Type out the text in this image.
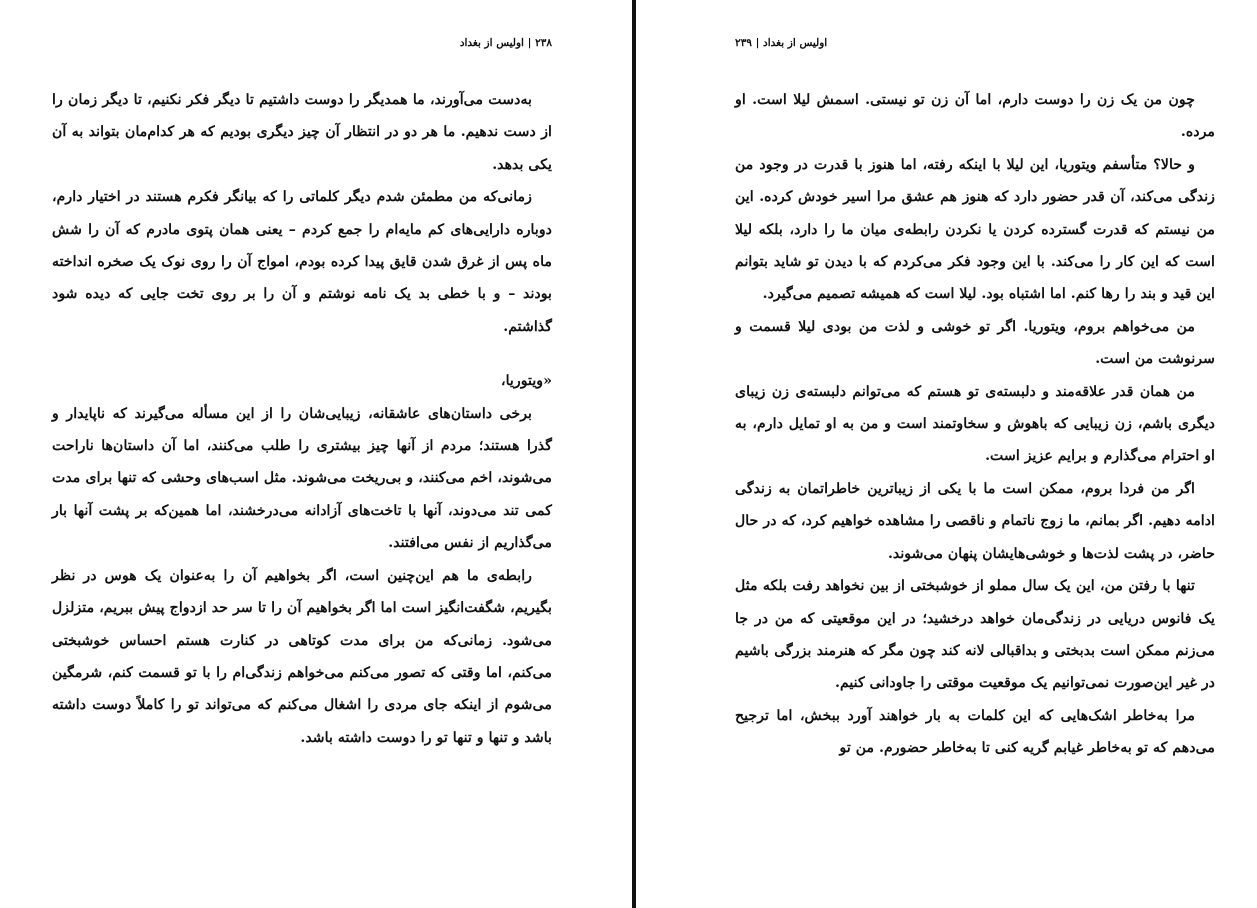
۲۳۸ | اولیس از بغداد

به‌دست می‌آورند، ما همدیگر را دوست داشتیم تا دیگر فکر نکنیم، تا دیگر زمان را از دست ندهیم. ما هر دو در انتظار آن چیز دیگری بودیم که هر کدام‌مان بتواند به آن یکی بدهد.

زمانی‌که من مطمئن شدم دیگر کلماتی را که بیانگر فکرم هستند در اختیار دارم، دوباره دارایی‌های کم مایه‌ام را جمع کردم – یعنی همان پتوی مادرم که آن را شش ماه پس از غرق شدن قایق پیدا کرده بودم، امواج آن را روی نوک یک صخره انداخته بودند – و با خطی بد یک نامه نوشتم و آن را بر روی تخت جایی که دیده شود گذاشتم.

«ویتوریا،

برخی داستان‌های عاشقانه، زیبایی‌شان را از این مسأله می‌گیرند که ناپایدار و گذرا هستند؛ مردم از آنها چیز بیشتری را طلب می‌کنند، اما آن داستان‌ها ناراحت می‌شوند، اخم می‌کنند، و بی‌ریخت می‌شوند. مثل اسب‌های وحشی که تنها برای مدت کمی تند می‌دوند، آنها با تاخت‌های آزادانه می‌درخشند، اما همین‌که بر پشت آنها بار می‌گذاریم از نفس می‌افتند.

رابطه‌ی ما هم این‌چنین است، اگر بخواهیم آن را به‌عنوان یک هوس در نظر بگیریم، شگفت‌انگیز است اما اگر بخواهیم آن را تا سر حد ازدواج پیش ببریم، متزلزل می‌شود. زمانی‌که من برای مدت کوتاهی در کنارت هستم احساس خوشبختی می‌کنم، اما وقتی که تصور می‌کنم می‌خواهم زندگی‌ام را با تو قسمت کنم، شرمگین می‌شوم از اینکه جای مردی را اشغال می‌کنم که می‌تواند تو را کاملاً دوست داشته باشد و تنها و تنها تو را دوست داشته باشد.

اولیس از بغداد | ۲۳۹

چون من یک زن را دوست دارم، اما آن زن تو نیستی. اسمش لیلا است. او مرده.

و حالا؟ متأسفم ویتوریا، این لیلا با اینکه رفته، اما هنوز با قدرت در وجود من زندگی می‌کند، آن قدر حضور دارد که هنوز هم عشق مرا اسیر خودش کرده. این من نیستم که قدرت گسترده کردن یا نکردن رابطه‌ی میان ما را دارد، بلکه لیلا است که این کار را می‌کند. با این وجود فکر می‌کردم که با دیدن تو شاید بتوانم این قید و بند را رها کنم. اما اشتباه بود. لیلا است که همیشه تصمیم می‌گیرد.

من می‌خواهم بروم، ویتوریا. اگر تو خوشی و لذت من بودی لیلا قسمت و سرنوشت من است.

من همان قدر علاقه‌مند و دلبسته‌ی تو هستم که می‌توانم دلبسته‌ی زن زیبای دیگری باشم، زن زیبایی که باهوش و سخاوتمند است و من به او تمایل دارم، به او احترام می‌گذارم و برایم عزیز است.

اگر من فردا بروم، ممکن است ما با یکی از زیباترین خاطراتمان به زندگی ادامه دهیم. اگر بمانم، ما زوج ناتمام و ناقصی را مشاهده خواهیم کرد، که در حال حاضر، در پشت لذت‌ها و خوشی‌هایشان پنهان می‌شوند.

تنها با رفتن من، این یک سال مملو از خوشبختی از بین نخواهد رفت بلکه مثل یک فانوس دریایی در زندگی‌مان خواهد درخشید؛ در این موقعیتی که من در جا می‌زنم ممکن است بدبختی و بداقبالی لانه کند چون مگر که هنرمند بزرگی باشیم در غیر این‌صورت نمی‌توانیم یک موقعیت موقتی را جاودانی کنیم.

مرا به‌خاطر اشک‌هایی که این کلمات به بار خواهند آورد ببخش، اما ترجیح می‌دهم که تو به‌خاطر غیابم گریه کنی تا به‌خاطر حضورم. من تو
